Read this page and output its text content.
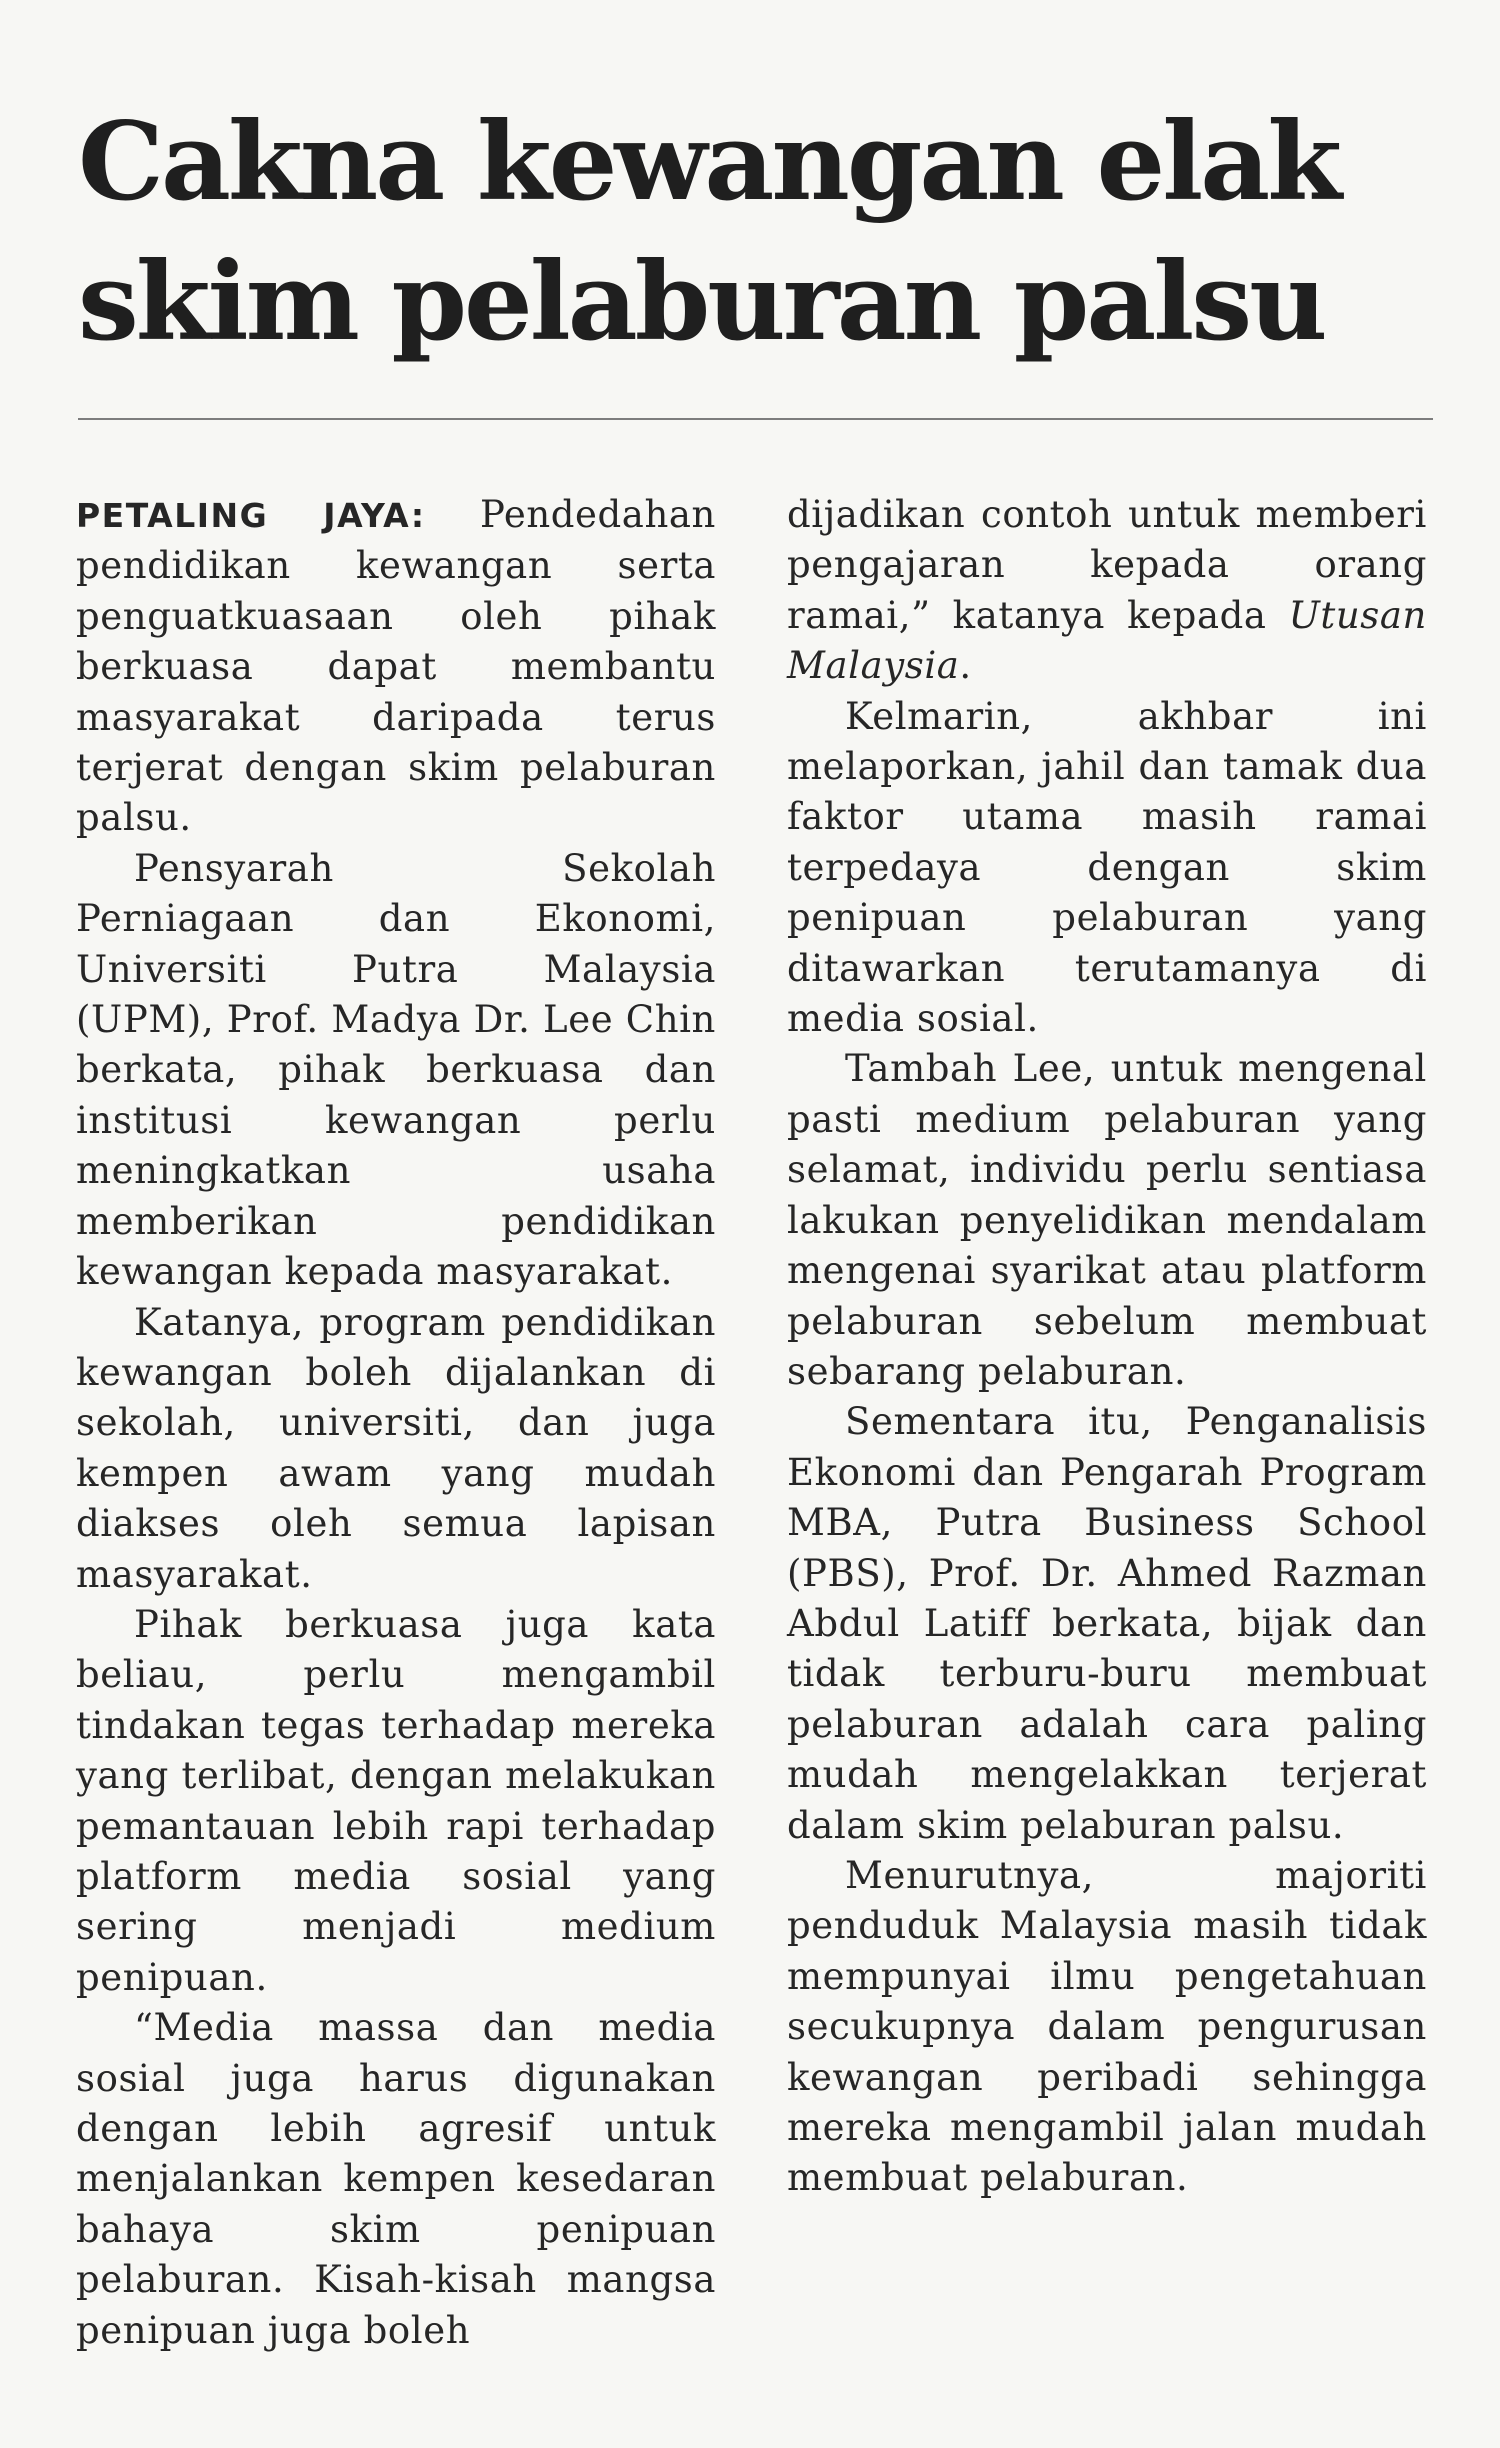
Cakna kewangan elak
skim pelaburan palsu

PETALING JAYA: Pendedahan pendidikan kewangan serta penguatkuasaan oleh pihak berkuasa dapat membantu masyarakat daripada terus terjerat dengan skim pelaburan palsu.

Pensyarah Sekolah Perniagaan dan Ekonomi, Universiti Putra Malaysia (UPM), Prof. Madya Dr. Lee Chin berkata, pihak berkuasa dan institusi kewangan perlu meningkatkan usaha memberikan pendidikan kewangan kepada masyarakat.

Katanya, program pendidikan kewangan boleh dijalankan di sekolah, universiti, dan juga kempen awam yang mudah diakses oleh semua lapisan masyarakat.

Pihak berkuasa juga kata beliau, perlu mengambil tindakan tegas terhadap mereka yang terlibat, dengan melakukan pemantauan lebih rapi terhadap platform media sosial yang sering menjadi medium penipuan.

“Media massa dan media sosial juga harus digunakan dengan lebih agresif untuk menjalankan kempen kesedaran bahaya skim penipuan pelaburan. Kisah-kisah mangsa penipuan juga boleh

dijadikan contoh untuk memberi pengajaran kepada orang ramai,” katanya kepada Utusan Malaysia.

Kelmarin, akhbar ini melaporkan, jahil dan tamak dua faktor utama masih ramai terpedaya dengan skim penipuan pelaburan yang ditawarkan terutamanya di media sosial.

Tambah Lee, untuk mengenal pasti medium pelaburan yang selamat, individu perlu sentiasa lakukan penyelidikan mendalam mengenai syarikat atau platform pelaburan sebelum membuat sebarang pelaburan.

Sementara itu, Penganalisis Ekonomi dan Pengarah Program MBA, Putra Business School (PBS), Prof. Dr. Ahmed Razman Abdul Latiff berkata, bijak dan tidak terburu-buru membuat pelaburan adalah cara paling mudah mengelakkan terjerat dalam skim pelaburan palsu.

Menurutnya, majoriti penduduk Malaysia masih tidak mempunyai ilmu pengetahuan secukupnya dalam pengurusan kewangan peribadi sehingga mereka mengambil jalan mudah membuat pelaburan.
